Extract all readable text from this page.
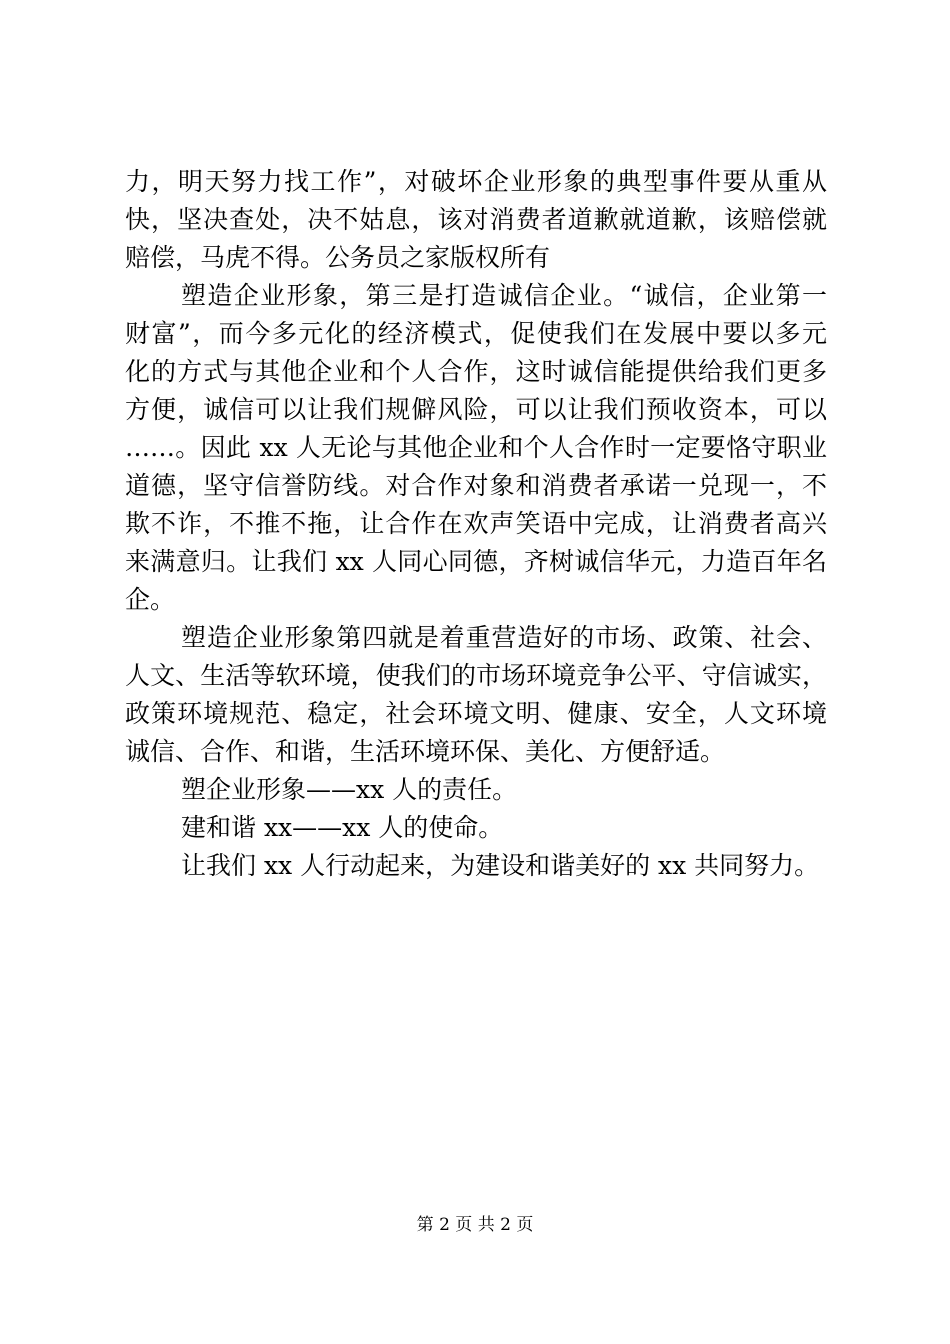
力，明天努力找工作”，对破坏企业形象的典型事件要从重从
快，坚决查处，决不姑息，该对消费者道歉就道歉，该赔偿就
赔偿，马虎不得。公务员之家版权所有
塑造企业形象，第三是打造诚信企业。“诚信，企业第一
财富”，而今多元化的经济模式，促使我们在发展中要以多元
化的方式与其他企业和个人合作，这时诚信能提供给我们更多
方便，诚信可以让我们规僻风险，可以让我们预收资本，可以
……。因此 xx 人无论与其他企业和个人合作时一定要恪守职业
道德，坚守信誉防线。对合作对象和消费者承诺一兑现一，不
欺不诈，不推不拖，让合作在欢声笑语中完成，让消费者高兴
来满意归。让我们 xx 人同心同德，齐树诚信华元，力造百年名
企。
塑造企业形象第四就是着重营造好的市场、政策、社会、
人文、生活等软环境，使我们的市场环境竞争公平、守信诚实，
政策环境规范、稳定，社会环境文明、健康、安全，人文环境
诚信、合作、和谐，生活环境环保、美化、方便舒适。
塑企业形象——xx 人的责任。
建和谐 xx——xx 人的使命。
让我们 xx 人行动起来，为建设和谐美好的 xx 共同努力。
第 2 页 共 2 页
